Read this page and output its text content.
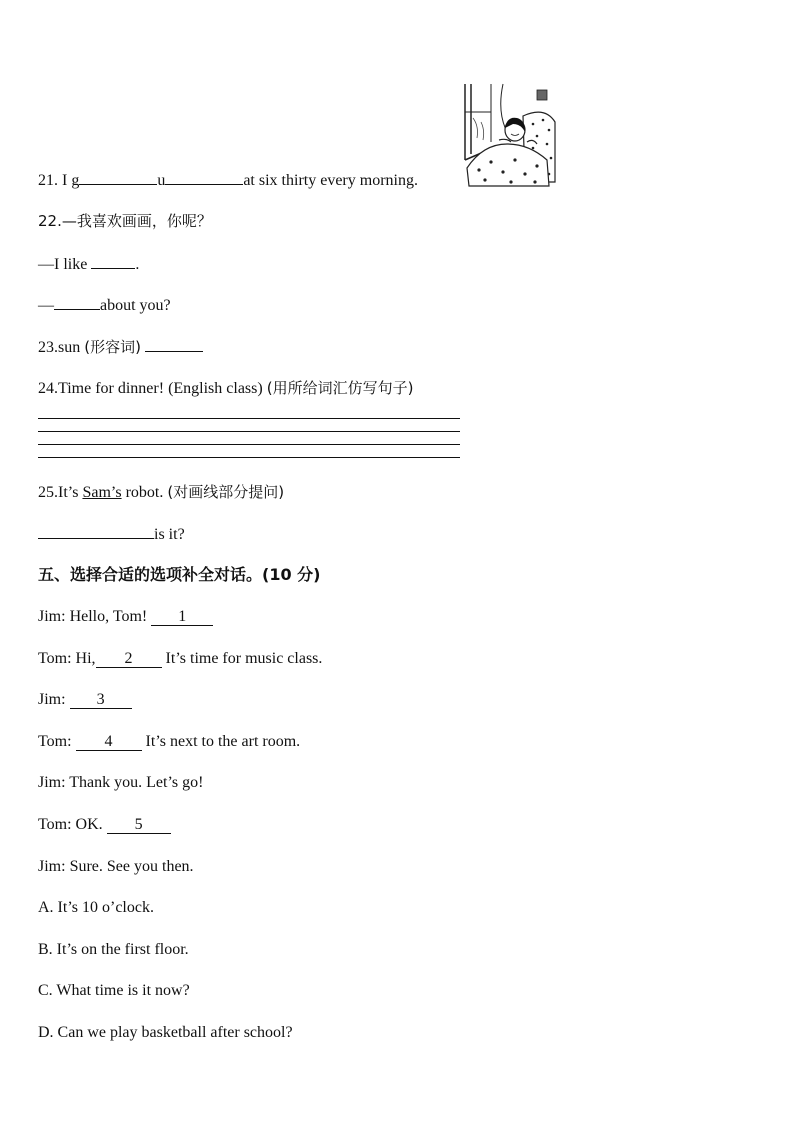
21. I g	u	at six thirty every morning.
22.—我喜欢画画，你呢？
—I like	.
—	about you?
23.sun (形容词)
24.Time for dinner! (English class) (用所给词汇仿写句子)
25.It’s Sam’s robot. (对画线部分提问)
is it?
五、选择合适的选项补全对话。(10 分)
Jim: Hello, Tom! 1
Tom: Hi, 2 It’s time for music class.
Jim: 3
Tom: 4 It’s next to the art room.
Jim: Thank you. Let’s go!
Tom: OK. 5
Jim: Sure. See you then.
A. It’s 10 o’clock.
B. It’s on the first floor.
C. What time is it now?
D. Can we play basketball after school?
